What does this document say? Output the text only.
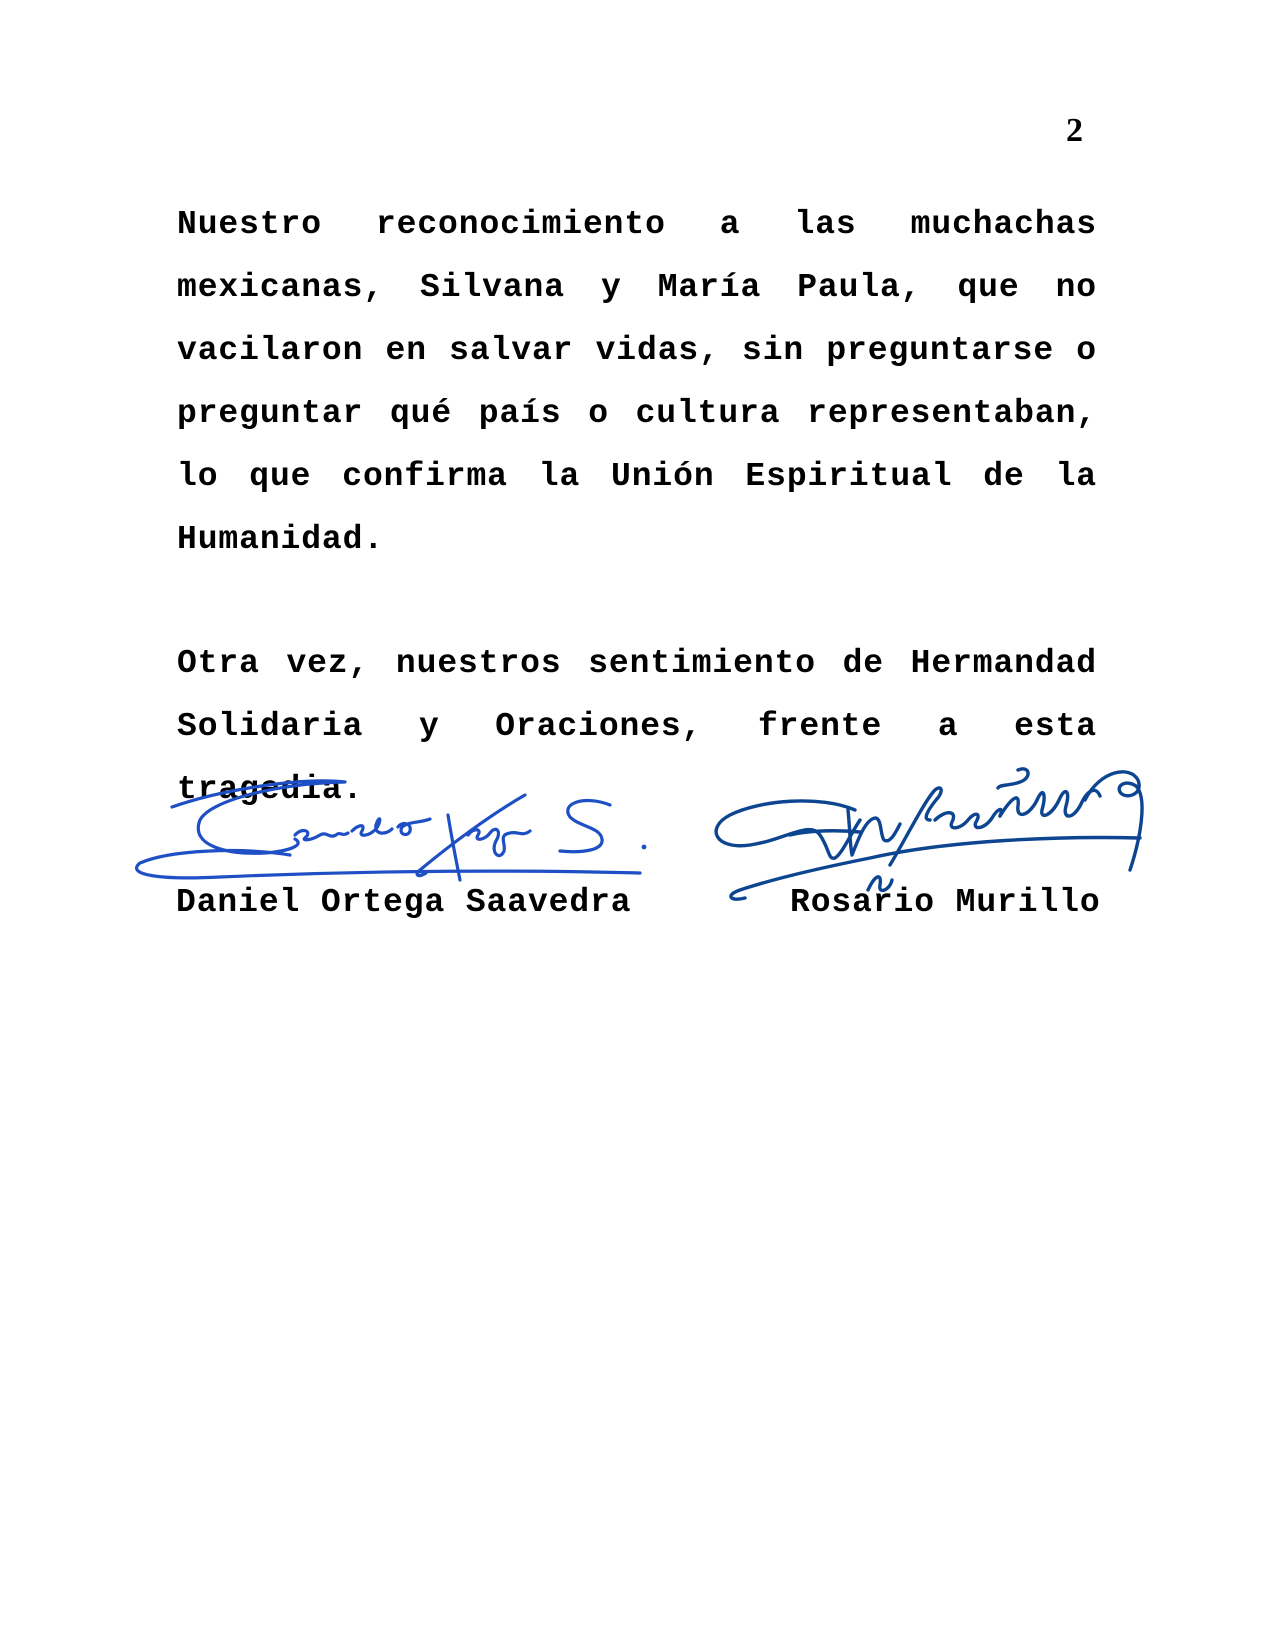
2

Nuestro reconocimiento a las muchachas mexicanas, Silvana y María Paula, que no vacilaron en salvar vidas, sin preguntarse o preguntar qué país o cultura representaban, lo que confirma la Unión Espiritual de la Humanidad.

Otra vez, nuestros sentimiento de Hermandad Solidaria y Oraciones, frente a esta tragedia.

Daniel Ortega Saavedra	Rosario Murillo
